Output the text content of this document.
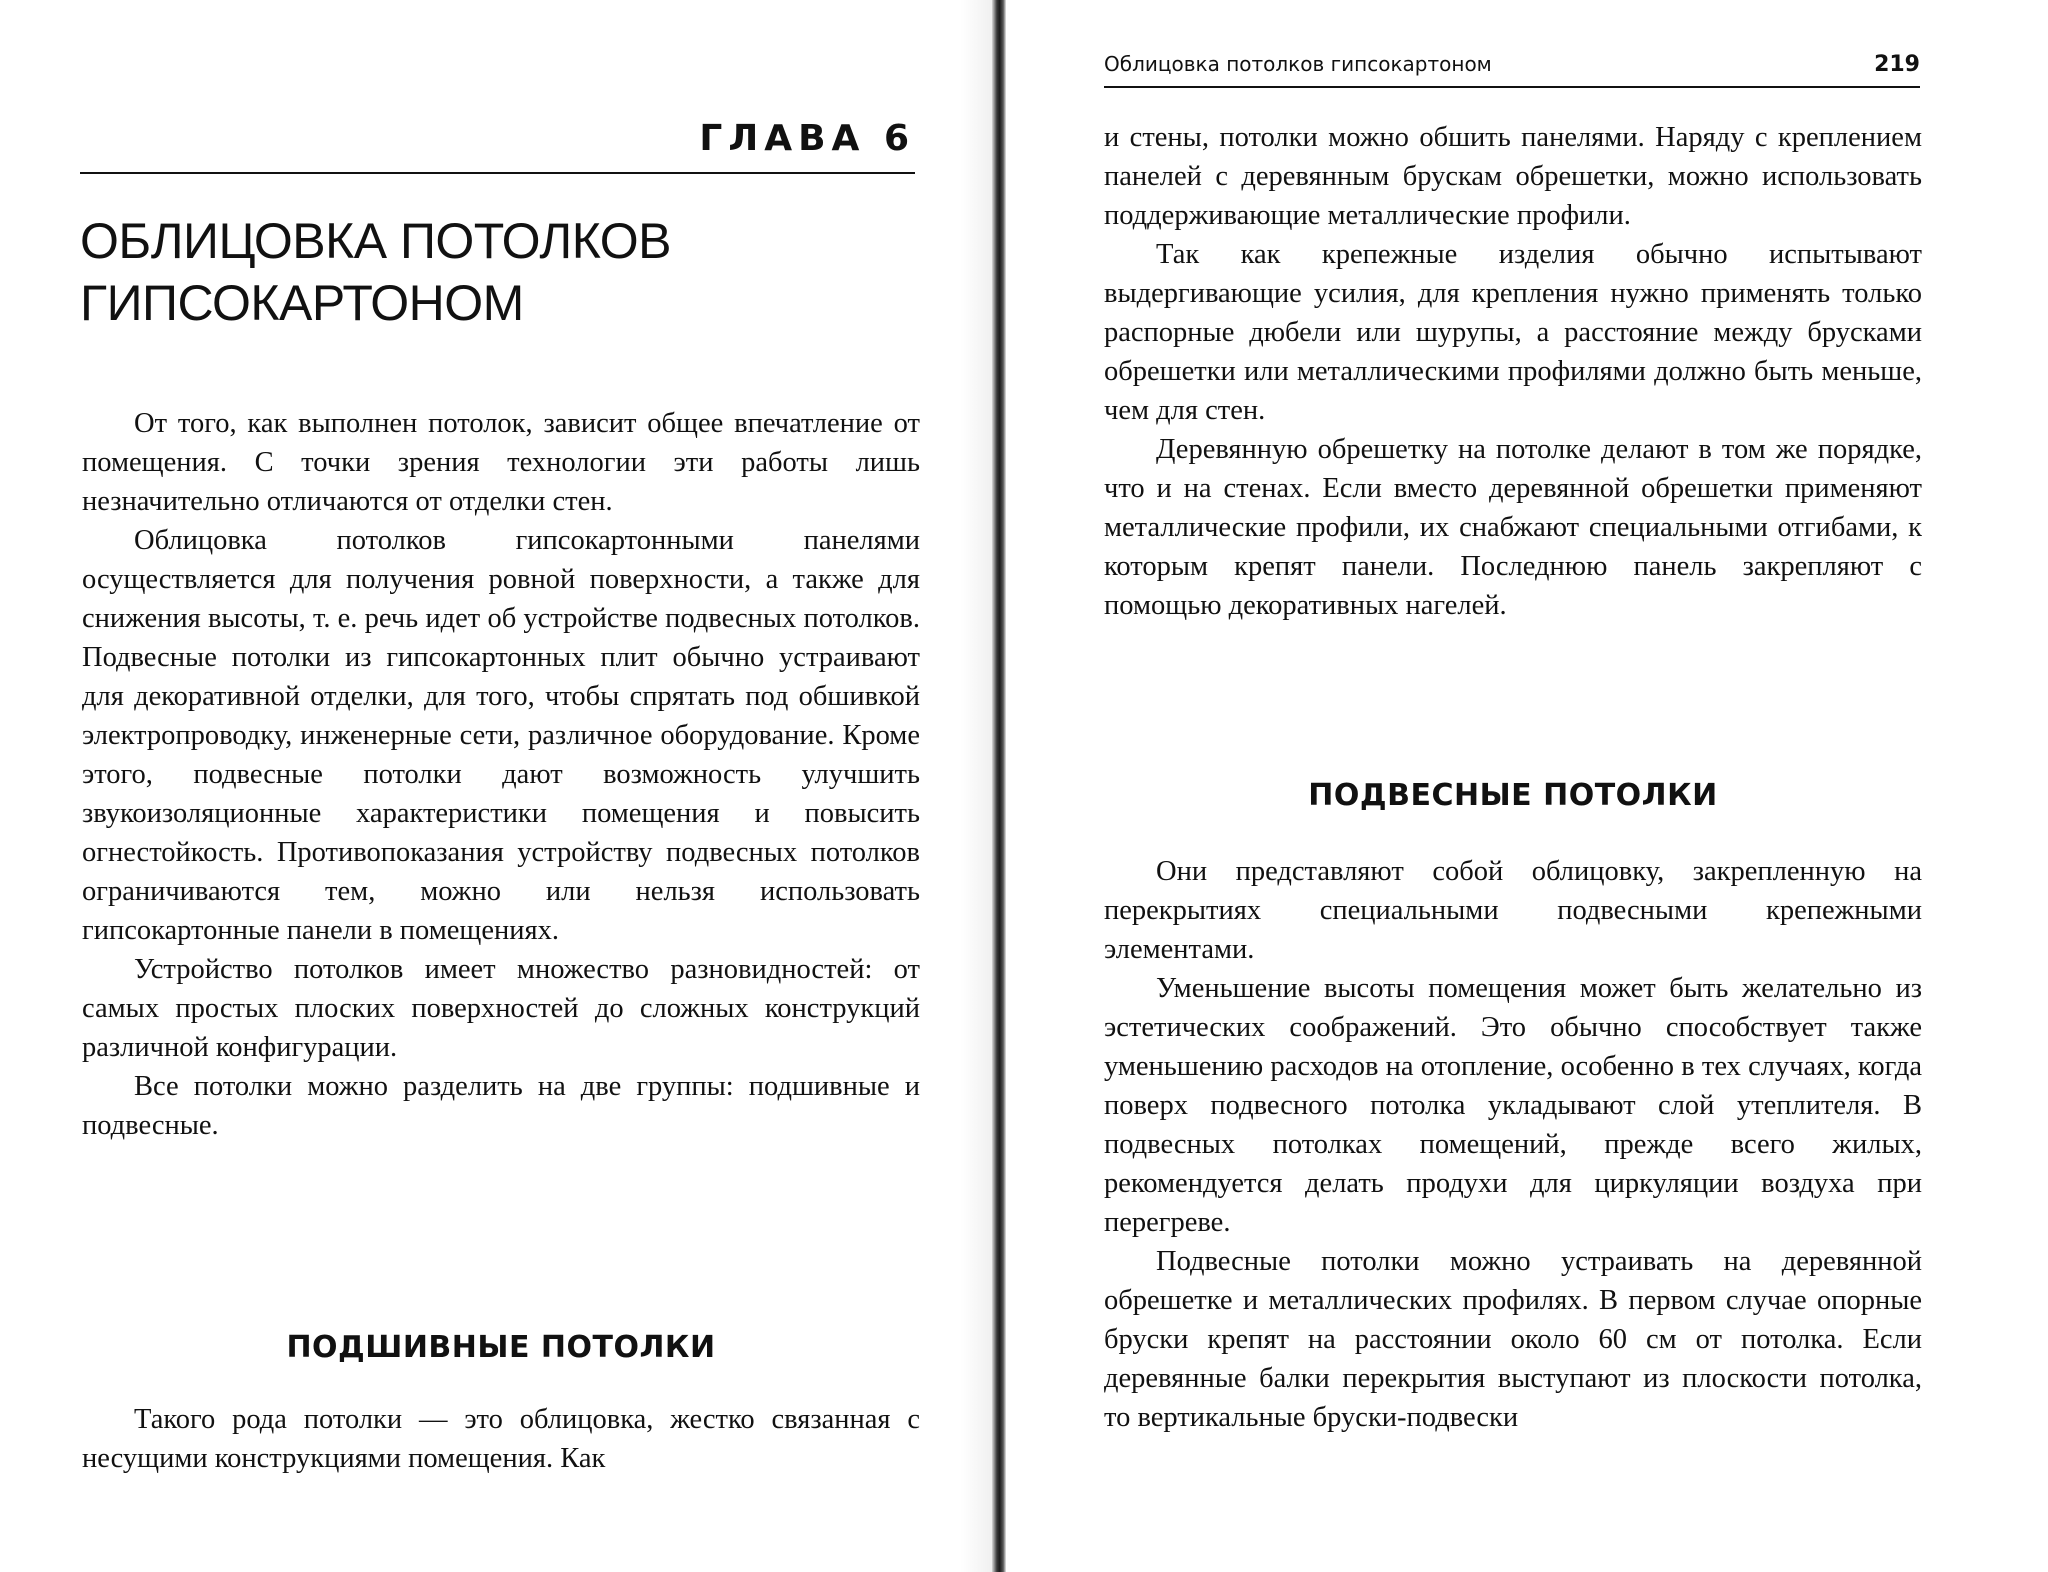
ГЛАВА 6
ОБЛИЦОВКА ПОТОЛКОВ
ГИПСОКАРТОНОМ

От того, как выполнен потолок, зависит общее впечатление от помещения. С точки зрения технологии эти работы лишь незначительно отличаются от отделки стен.

Облицовка потолков гипсокартонными панелями осуществляется для получения ровной поверхности, а также для снижения высоты, т. е. речь идет об устройстве подвесных потолков. Подвесные потолки из гипсокартонных плит обычно устраивают для декоративной отделки, для того, чтобы спрятать под обшивкой электропроводку, инженерные сети, различное оборудование. Кроме этого, подвесные потолки дают возможность улучшить звукоизоляционные характеристики помещения и повысить огнестойкость. Противопоказания устройству подвесных потолков ограничиваются тем, можно или нельзя использовать гипсокартонные панели в помещениях.

Устройство потолков имеет множество разновидностей: от самых простых плоских поверхностей до сложных конструкций различной конфигурации.

Все потолки можно разделить на две группы: подшивные и подвесные.

ПОДШИВНЫЕ ПОТОЛКИ

Такого рода потолки — это облицовка, жестко связанная с несущими конструкциями помещения. Как

Облицовка потолков гипсокартоном	219

и стены, потолки можно обшить панелями. Наряду с креплением панелей с деревянным брускам обрешетки, можно использовать поддерживающие металлические профили.

Так как крепежные изделия обычно испытывают выдергивающие усилия, для крепления нужно применять только распорные дюбели или шурупы, а расстояние между брусками обрешетки или металлическими профилями должно быть меньше, чем для стен.

Деревянную обрешетку на потолке делают в том же порядке, что и на стенах. Если вместо деревянной обрешетки применяют металлические профили, их снабжают специальными отгибами, к которым крепят панели. Последнюю панель закрепляют с помощью декоративных нагелей.

ПОДВЕСНЫЕ ПОТОЛКИ

Они представляют собой облицовку, закрепленную на перекрытиях специальными подвесными крепежными элементами.

Уменьшение высоты помещения может быть желательно из эстетических соображений. Это обычно способствует также уменьшению расходов на отопление, особенно в тех случаях, когда поверх подвесного потолка укладывают слой утеплителя. В подвесных потолках помещений, прежде всего жилых, рекомендуется делать продухи для циркуляции воздуха при перегреве.

Подвесные потолки можно устраивать на деревянной обрешетке и металлических профилях. В первом случае опорные бруски крепят на расстоянии около 60 см от потолка. Если деревянные балки перекрытия выступают из плоскости потолка, то вертикальные бруски-подвески
